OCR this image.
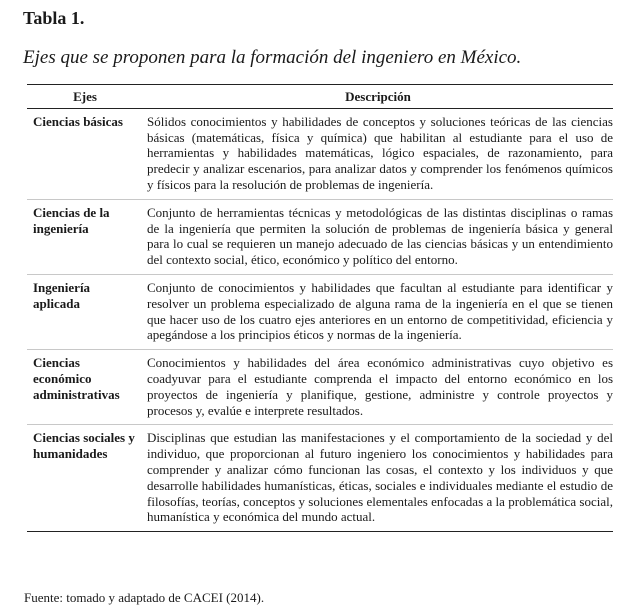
Tabla 1.

Ejes que se proponen para la formación del ingeniero en México.

Ejes	Descripción
Ciencias básicas	Sólidos conocimientos y habilidades de conceptos y soluciones teóricas de las ciencias básicas (matemáticas, física y química) que habilitan al estudiante para el uso de herramientas y habilidades matemáticas, lógico espaciales, de razonamiento, para predecir y analizar escenarios, para analizar datos y comprender los fenómenos químicos y físicos para la resolución de problemas de ingeniería.
Ciencias de la ingeniería	Conjunto de herramientas técnicas y metodológicas de las distintas disciplinas o ramas de la ingeniería que permiten la solución de problemas de ingeniería básica y general para lo cual se requieren un manejo adecuado de las ciencias básicas y un entendimiento del contexto social, ético, económico y político del entorno.
Ingeniería aplicada	Conjunto de conocimientos y habilidades que facultan al estudiante para identificar y resolver un problema especializado de alguna rama de la ingeniería en el que se tienen que hacer uso de los cuatro ejes anteriores en un entorno de competitividad, eficiencia y apegándose a los principios éticos y normas de la ingeniería.
Ciencias económico administrativas	Conocimientos y habilidades del área económico administrativas cuyo objetivo es coadyuvar para el estudiante comprenda el impacto del entorno económico en los proyectos de ingeniería y planifique, gestione, administre y controle proyectos y procesos y, evalúe e interprete resultados.
Ciencias sociales y humanidades	Disciplinas que estudian las manifestaciones y el comportamiento de la sociedad y del individuo, que proporcionan al futuro ingeniero los conocimientos y habilidades para comprender y analizar cómo funcionan las cosas, el contexto y los individuos y que desarrolle habilidades humanísticas, éticas, sociales e individuales mediante el estudio de filosofías, teorías, conceptos y soluciones elementales enfocadas a la problemática social, humanística y económica del mundo actual.

Fuente: tomado y adaptado de CACEI (2014).
